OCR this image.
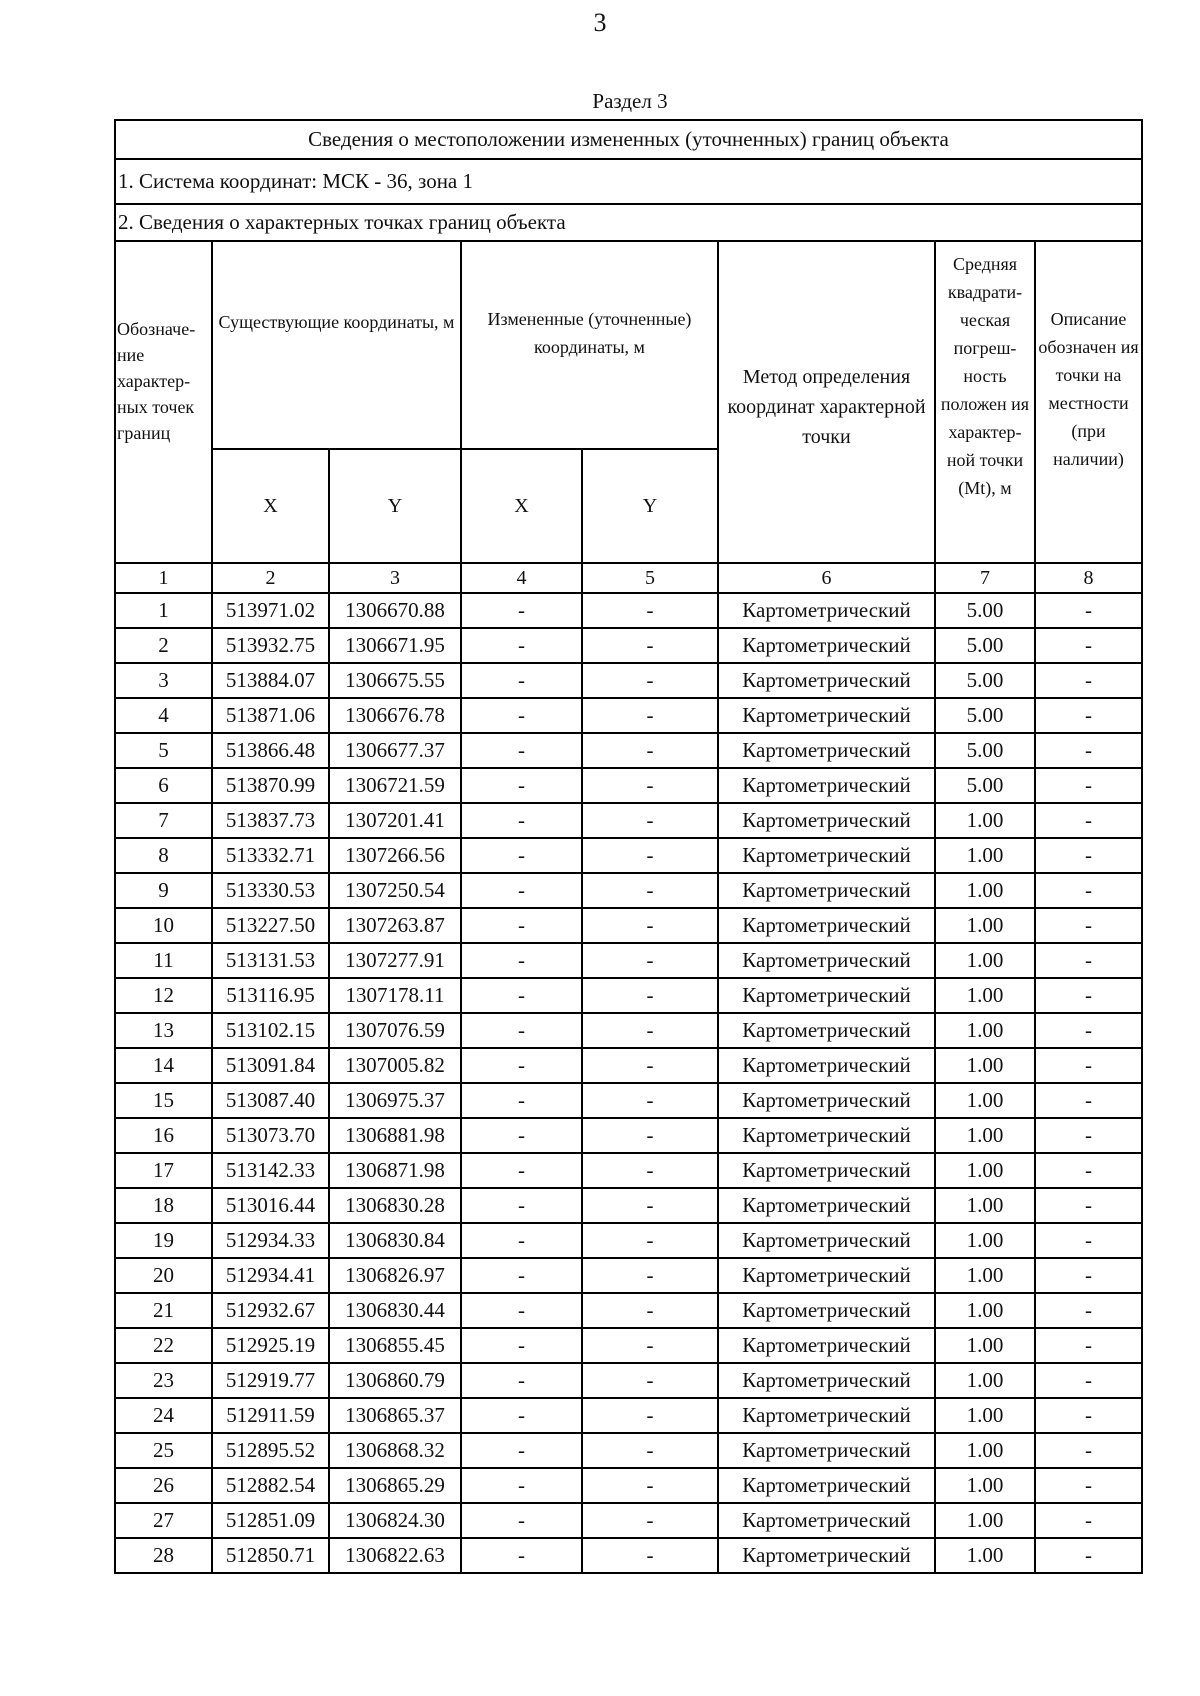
3
Раздел 3
Сведения о местоположении измененных (уточненных) границ объекта							
1. Система координат: МСК - 36, зона 1							
2. Сведения о характерных точках границ объекта							
Обозначе-ние характер-ных точек границ	Существующие координаты, м		Измененные (уточненные) координаты, м		Метод определения координат характерной точки	Средняя квадрати-ческая погреш-ность положен ия характер-ной точки (Mt), м	Описание обозначен ия точки на местности (при наличии)
	X	Y	X	Y			
1	2	3	4	5	6	7	8
1	513971.02	1306670.88	-	-	Картометрический	5.00	-
2	513932.75	1306671.95	-	-	Картометрический	5.00	-
3	513884.07	1306675.55	-	-	Картометрический	5.00	-
4	513871.06	1306676.78	-	-	Картометрический	5.00	-
5	513866.48	1306677.37	-	-	Картометрический	5.00	-
6	513870.99	1306721.59	-	-	Картометрический	5.00	-
7	513837.73	1307201.41	-	-	Картометрический	1.00	-
8	513332.71	1307266.56	-	-	Картометрический	1.00	-
9	513330.53	1307250.54	-	-	Картометрический	1.00	-
10	513227.50	1307263.87	-	-	Картометрический	1.00	-
11	513131.53	1307277.91	-	-	Картометрический	1.00	-
12	513116.95	1307178.11	-	-	Картометрический	1.00	-
13	513102.15	1307076.59	-	-	Картометрический	1.00	-
14	513091.84	1307005.82	-	-	Картометрический	1.00	-
15	513087.40	1306975.37	-	-	Картометрический	1.00	-
16	513073.70	1306881.98	-	-	Картометрический	1.00	-
17	513142.33	1306871.98	-	-	Картометрический	1.00	-
18	513016.44	1306830.28	-	-	Картометрический	1.00	-
19	512934.33	1306830.84	-	-	Картометрический	1.00	-
20	512934.41	1306826.97	-	-	Картометрический	1.00	-
21	512932.67	1306830.44	-	-	Картометрический	1.00	-
22	512925.19	1306855.45	-	-	Картометрический	1.00	-
23	512919.77	1306860.79	-	-	Картометрический	1.00	-
24	512911.59	1306865.37	-	-	Картометрический	1.00	-
25	512895.52	1306868.32	-	-	Картометрический	1.00	-
26	512882.54	1306865.29	-	-	Картометрический	1.00	-
27	512851.09	1306824.30	-	-	Картометрический	1.00	-
28	512850.71	1306822.63	-	-	Картометрический	1.00	-
